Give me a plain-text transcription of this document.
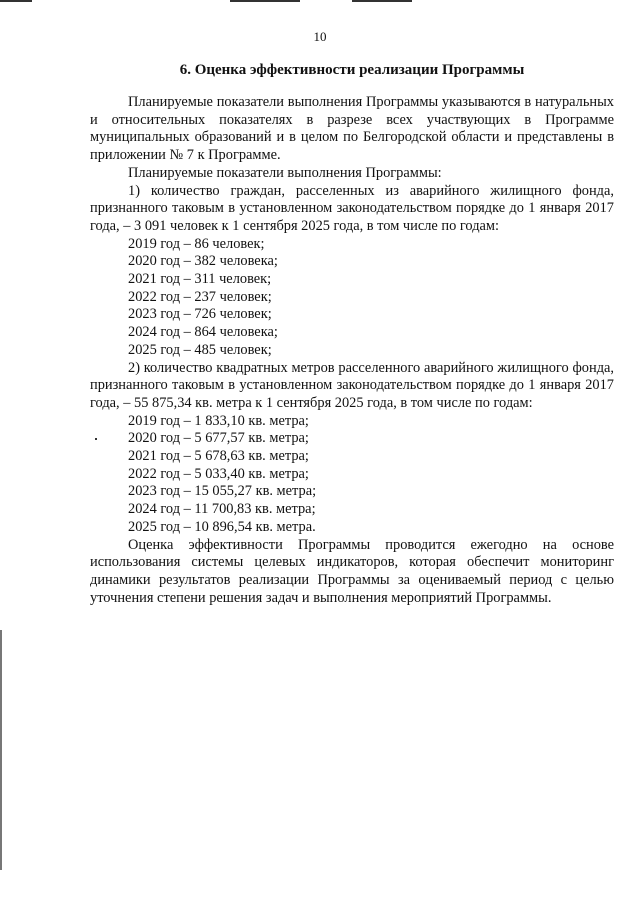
10
6. Оценка эффективности реализации Программы

Планируемые показатели выполнения Программы указываются в натуральных и относительных показателях в разрезе всех участвующих в Программе муниципальных образований и в целом по Белгородской области и представлены в приложении № 7 к Программе.

Планируемые показатели выполнения Программы:

1) количество граждан, расселенных из аварийного жилищного фонда, признанного таковым в установленном законодательством порядке до 1 января 2017 года, – 3 091 человек к 1 сентября 2025 года, в том числе по годам:

2019 год – 86 человек;

2020 год – 382 человека;

2021 год – 311 человек;

2022 год – 237 человек;

2023 год – 726 человек;

2024 год – 864 человека;

2025 год – 485 человек;

2) количество квадратных метров расселенного аварийного жилищного фонда, признанного таковым в установленном законодательством порядке до 1 января 2017 года, – 55 875,34 кв. метра к 1 сентября 2025 года, в том числе по годам:

2019 год – 1 833,10 кв. метра;

2020 год – 5 677,57 кв. метра;

2021 год – 5 678,63 кв. метра;

2022 год – 5 033,40 кв. метра;

2023 год – 15 055,27 кв. метра;

2024 год – 11 700,83 кв. метра;

2025 год – 10 896,54 кв. метра.

Оценка эффективности Программы проводится ежегодно на основе использования системы целевых индикаторов, которая обеспечит мониторинг динамики результатов реализации Программы за оцениваемый период с целью уточнения степени решения задач и выполнения мероприятий Программы.
